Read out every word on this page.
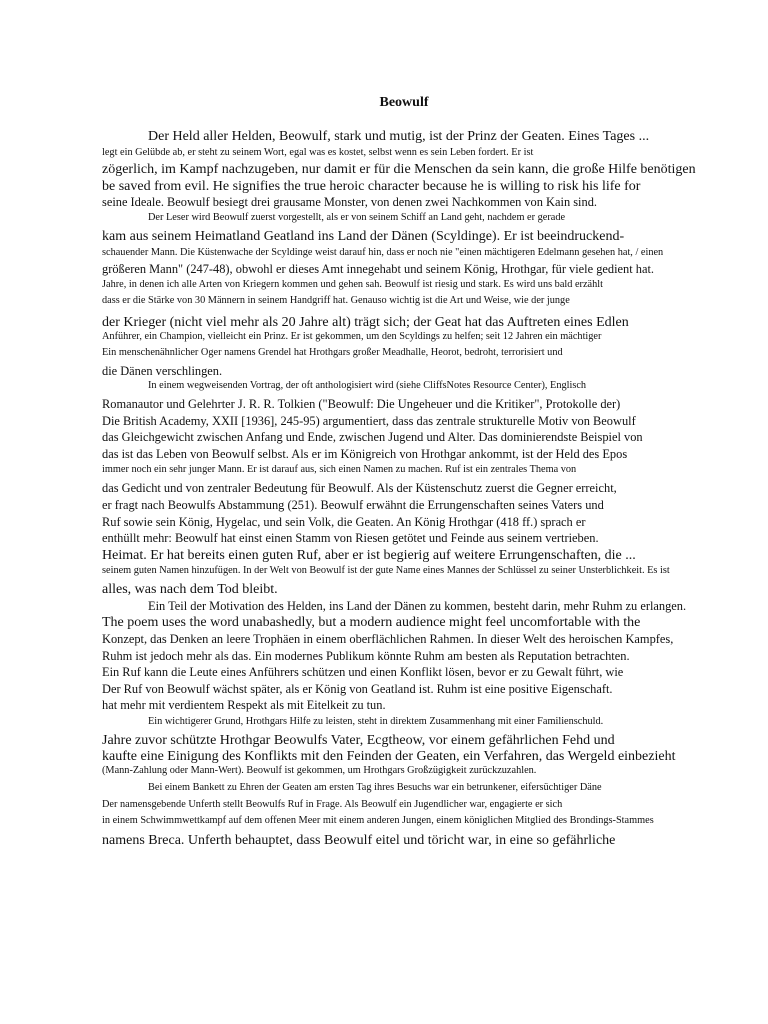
Beowulf
Der Held aller Helden, Beowulf, stark und mutig, ist der Prinz der Geaten. Eines Tages ...
legt ein Gelübde ab, er steht zu seinem Wort, egal was es kostet, selbst wenn es sein Leben fordert. Er ist
zögerlich, im Kampf nachzugeben, nur damit er für die Menschen da sein kann, die große Hilfe benötigen
be saved from evil. He signifies the true heroic character because he is willing to risk his life for
seine Ideale. Beowulf besiegt drei grausame Monster, von denen zwei Nachkommen von Kain sind.
Der Leser wird Beowulf zuerst vorgestellt, als er von seinem Schiff an Land geht, nachdem er gerade
kam aus seinem Heimatland Geatland ins Land der Dänen (Scyldinge). Er ist beeindruckend-
schauender Mann. Die Küstenwache der Scyldinge weist darauf hin, dass er noch nie "einen mächtigeren Edelmann gesehen hat, / einen
größeren Mann" (247-48), obwohl er dieses Amt innegehabt und seinem König, Hrothgar, für viele gedient hat.
Jahre, in denen ich alle Arten von Kriegern kommen und gehen sah. Beowulf ist riesig und stark. Es wird uns bald erzählt
dass er die Stärke von 30 Männern in seinem Handgriff hat. Genauso wichtig ist die Art und Weise, wie der junge
der Krieger (nicht viel mehr als 20 Jahre alt) trägt sich; der Geat hat das Auftreten eines Edlen
Anführer, ein Champion, vielleicht ein Prinz. Er ist gekommen, um den Scyldings zu helfen; seit 12 Jahren ein mächtiger
Ein menschenähnlicher Oger namens Grendel hat Hrothgars großer Meadhalle, Heorot, bedroht, terrorisiert und
die Dänen verschlingen.
In einem wegweisenden Vortrag, der oft anthologisiert wird (siehe CliffsNotes Resource Center), Englisch
Romanautor und Gelehrter J. R. R. Tolkien ("Beowulf: Die Ungeheuer und die Kritiker", Protokolle der)
Die British Academy, XXII [1936], 245-95) argumentiert, dass das zentrale strukturelle Motiv von Beowulf
das Gleichgewicht zwischen Anfang und Ende, zwischen Jugend und Alter. Das dominierendste Beispiel von
das ist das Leben von Beowulf selbst. Als er im Königreich von Hrothgar ankommt, ist der Held des Epos
immer noch ein sehr junger Mann. Er ist darauf aus, sich einen Namen zu machen. Ruf ist ein zentrales Thema von
das Gedicht und von zentraler Bedeutung für Beowulf. Als der Küstenschutz zuerst die Gegner erreicht,
er fragt nach Beowulfs Abstammung (251). Beowulf erwähnt die Errungenschaften seines Vaters und
Ruf sowie sein König, Hygelac, und sein Volk, die Geaten. An König Hrothgar (418 ff.) sprach er
enthüllt mehr: Beowulf hat einst einen Stamm von Riesen getötet und Feinde aus seinem vertrieben.
Heimat. Er hat bereits einen guten Ruf, aber er ist begierig auf weitere Errungenschaften, die ...
seinem guten Namen hinzufügen. In der Welt von Beowulf ist der gute Name eines Mannes der Schlüssel zu seiner Unsterblichkeit. Es ist
alles, was nach dem Tod bleibt.
Ein Teil der Motivation des Helden, ins Land der Dänen zu kommen, besteht darin, mehr Ruhm zu erlangen.
The poem uses the word unabashedly, but a modern audience might feel uncomfortable with the
Konzept, das Denken an leere Trophäen in einem oberflächlichen Rahmen. In dieser Welt des heroischen Kampfes,
Ruhm ist jedoch mehr als das. Ein modernes Publikum könnte Ruhm am besten als Reputation betrachten.
Ein Ruf kann die Leute eines Anführers schützen und einen Konflikt lösen, bevor er zu Gewalt führt, wie
Der Ruf von Beowulf wächst später, als er König von Geatland ist. Ruhm ist eine positive Eigenschaft.
hat mehr mit verdientem Respekt als mit Eitelkeit zu tun.
Ein wichtigerer Grund, Hrothgars Hilfe zu leisten, steht in direktem Zusammenhang mit einer Familienschuld.
Jahre zuvor schützte Hrothgar Beowulfs Vater, Ecgtheow, vor einem gefährlichen Fehd und
kaufte eine Einigung des Konflikts mit den Feinden der Geaten, ein Verfahren, das Wergeld einbezieht
(Mann-Zahlung oder Mann-Wert). Beowulf ist gekommen, um Hrothgars Großzügigkeit zurückzuzahlen.
Bei einem Bankett zu Ehren der Geaten am ersten Tag ihres Besuchs war ein betrunkener, eifersüchtiger Däne
Der namensgebende Unferth stellt Beowulfs Ruf in Frage. Als Beowulf ein Jugendlicher war, engagierte er sich
in einem Schwimmwettkampf auf dem offenen Meer mit einem anderen Jungen, einem königlichen Mitglied des Brondings-Stammes
namens Breca. Unferth behauptet, dass Beowulf eitel und töricht war, in eine so gefährliche
